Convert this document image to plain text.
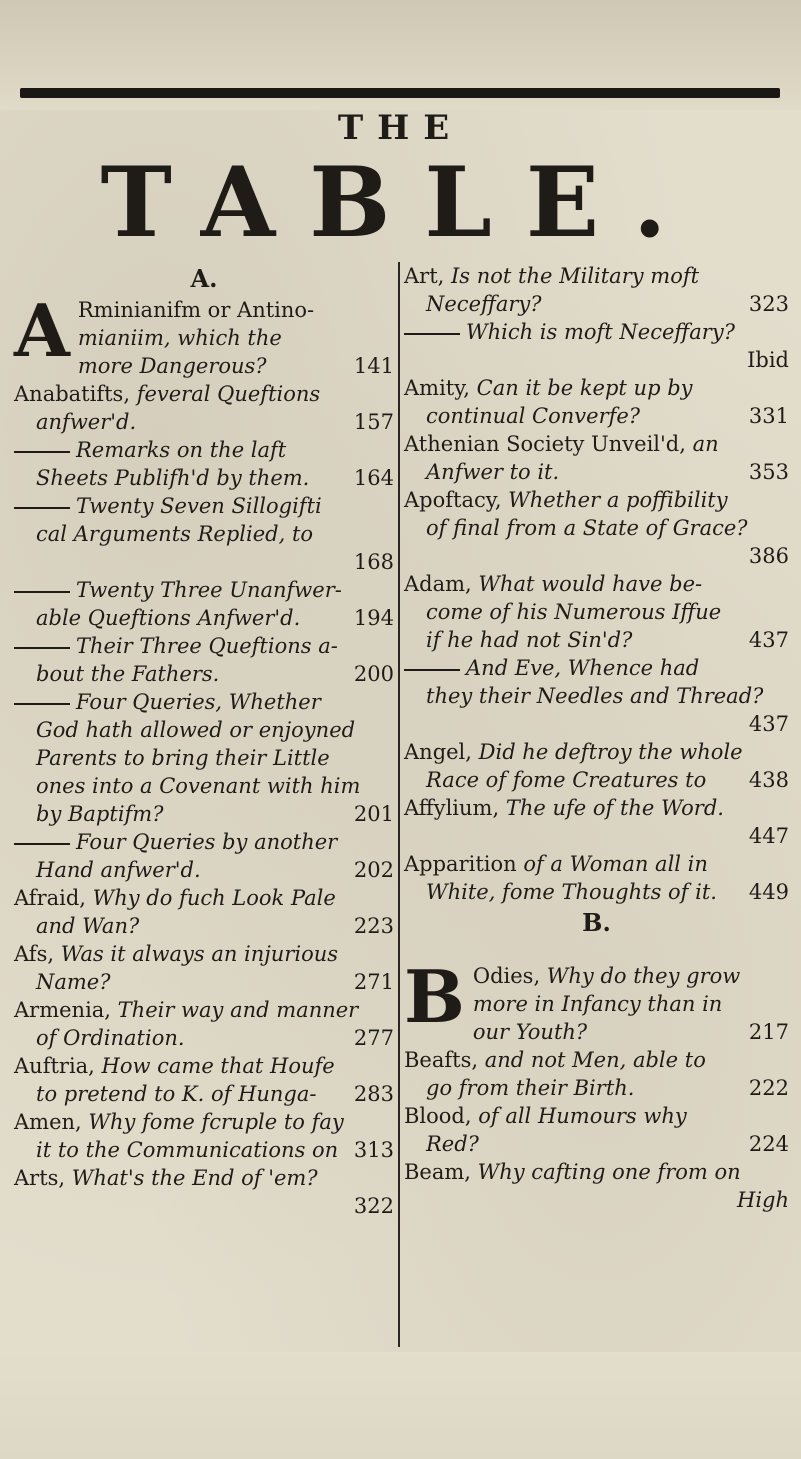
THE
TABLE.
A.
A Rminianifm or Antino-
mianiim, which the
more Dangerous?	141
Anabatifts, feveral Queftions
anfwer'd.	157
Remarks on the laft
Sheets Publifh'd by them.	164
Twenty Seven Sillogifti
cal Arguments Replied, to
168
Twenty Three Unanfwer-
able Queftions Anfwer'd.	194
Their Three Queftions a-
bout the Fathers.	200
Four Queries, Whether
God hath allowed or enjoyned
Parents to bring their Little
ones into a Covenant with him
by Baptifm?	201
Four Queries by another
Hand anfwer'd.	202
Afraid, Why do fuch Look Pale
and Wan?	223
Afs, Was it always an injurious
Name?	271
Armenia, Their way and manner
of Ordination.	277
Auftria, How came that Houfe
to pretend to K. of Hunga-	283
Amen, Why fome fcruple to fay
it to the Communications on 313
Arts, What's the End of 'em?
322
Art, Is not the Military moft
Neceffary?	323
Which is moft Neceffary?
Ibid
Amity, Can it be kept up by
continual Converfe?	331
Athenian Society Unveil'd, an
Anfwer to it.	353
Apoftacy, Whether a poffibility
of final from a State of Grace?
386
Adam, What would have be-
come of his Numerous Iffue
if he had not Sin'd?	437
And Eve, Whence had
they their Needles and Thread?
437
Angel, Did he deftroy the whole
Race of fome Creatures to	438
Affylium, The ufe of the Word.
447
Apparition of a Woman all in
White, fome Thoughts of it.	449
B.
B Odies, Why do they grow
more in Infancy than in
our Youth?	217
Beafts, and not Men, able to
go from their Birth.	222
Blood, of all Humours why
Red?	224
Beam, Why cafting one from on
High
